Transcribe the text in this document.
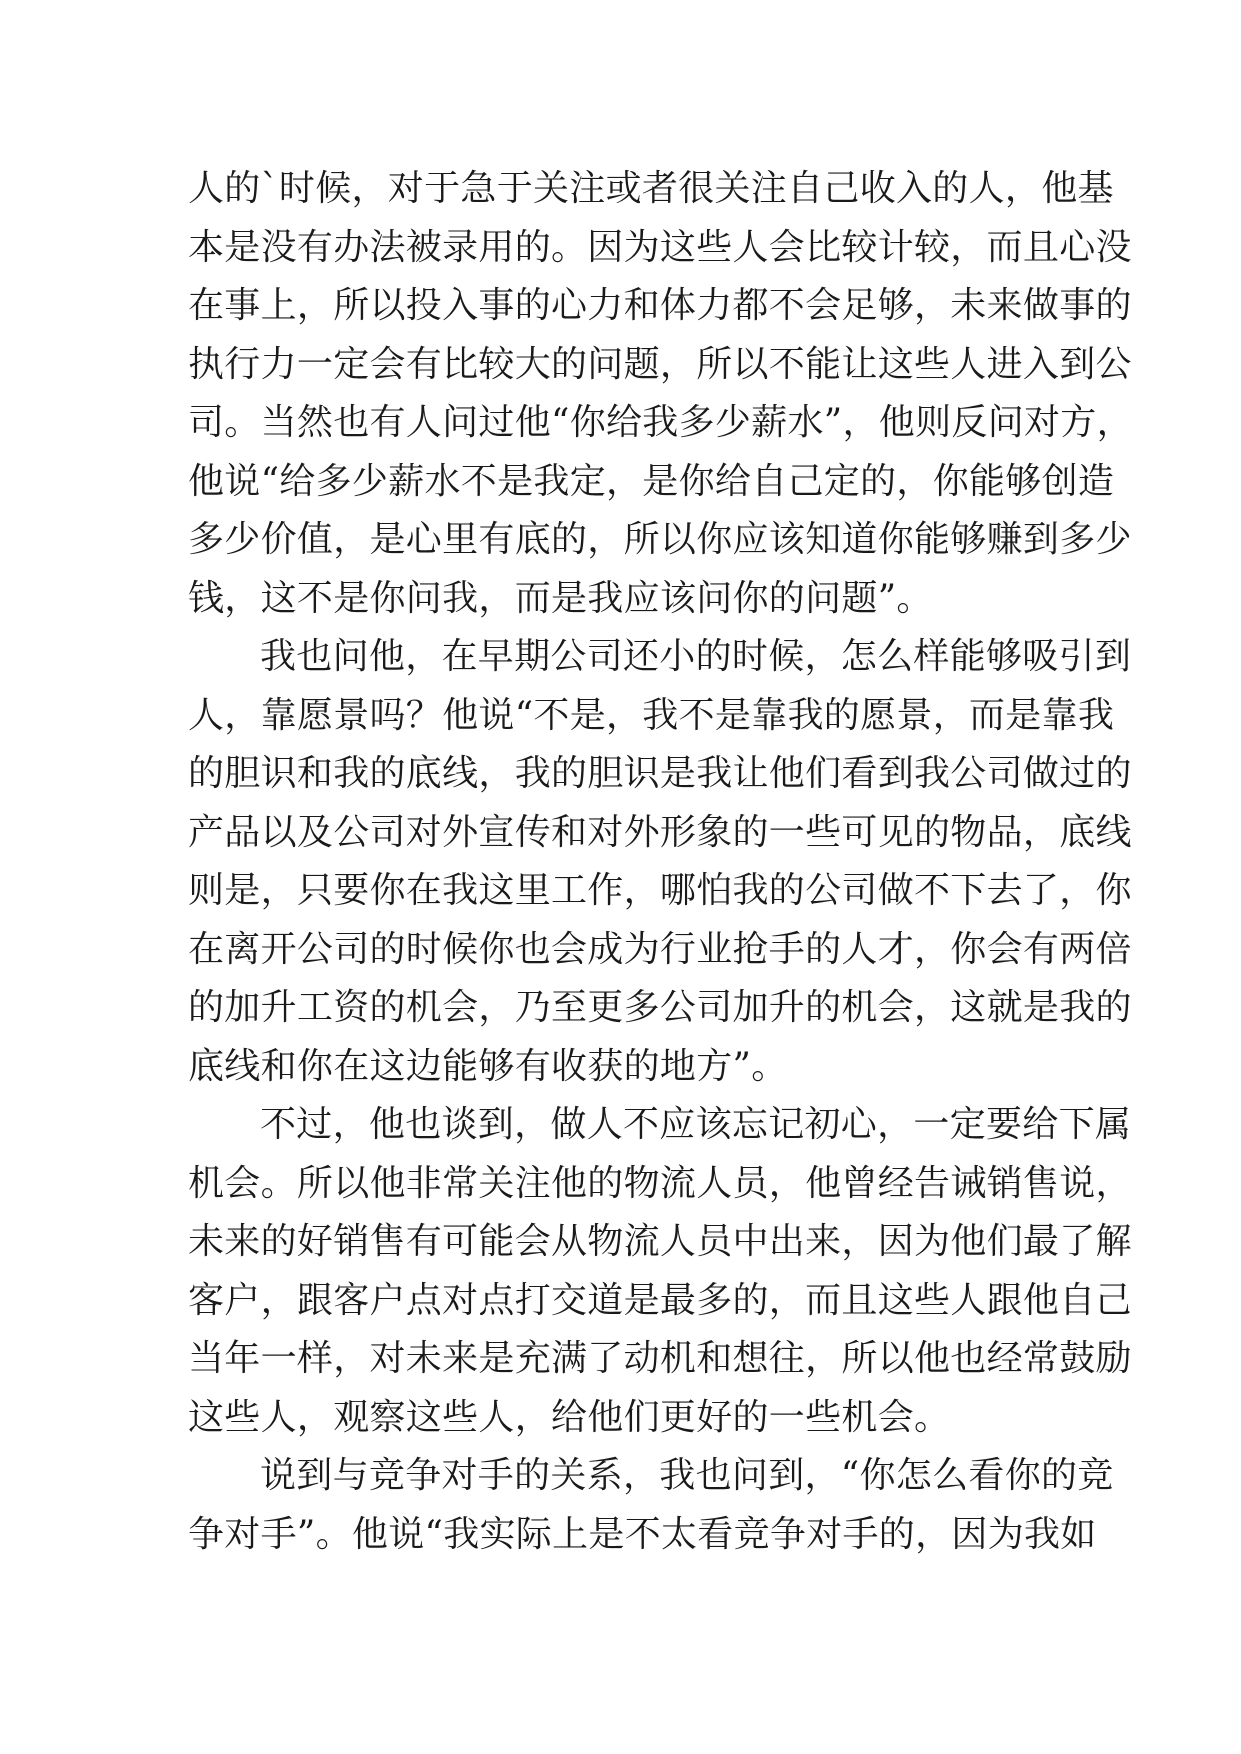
人的`时候，对于急于关注或者很关注自己收入的人，他基
本是没有办法被录用的。因为这些人会比较计较，而且心没
在事上，所以投入事的心力和体力都不会足够，未来做事的
执行力一定会有比较大的问题，所以不能让这些人进入到公
司。当然也有人问过他“你给我多少薪水”，他则反问对方，
他说“给多少薪水不是我定，是你给自己定的，你能够创造
多少价值，是心里有底的，所以你应该知道你能够赚到多少
钱，这不是你问我，而是我应该问你的问题”。
我也问他，在早期公司还小的时候，怎么样能够吸引到
人，靠愿景吗？他说“不是，我不是靠我的愿景，而是靠我
的胆识和我的底线，我的胆识是我让他们看到我公司做过的
产品以及公司对外宣传和对外形象的一些可见的物品，底线
则是，只要你在我这里工作，哪怕我的公司做不下去了，你
在离开公司的时候你也会成为行业抢手的人才，你会有两倍
的加升工资的机会，乃至更多公司加升的机会，这就是我的
底线和你在这边能够有收获的地方”。
不过，他也谈到，做人不应该忘记初心，一定要给下属
机会。所以他非常关注他的物流人员，他曾经告诫销售说，
未来的好销售有可能会从物流人员中出来，因为他们最了解
客户，跟客户点对点打交道是最多的，而且这些人跟他自己
当年一样，对未来是充满了动机和想往，所以他也经常鼓励
这些人，观察这些人，给他们更好的一些机会。
说到与竞争对手的关系，我也问到，“你怎么看你的竞
争对手”。他说“我实际上是不太看竞争对手的，因为我如
